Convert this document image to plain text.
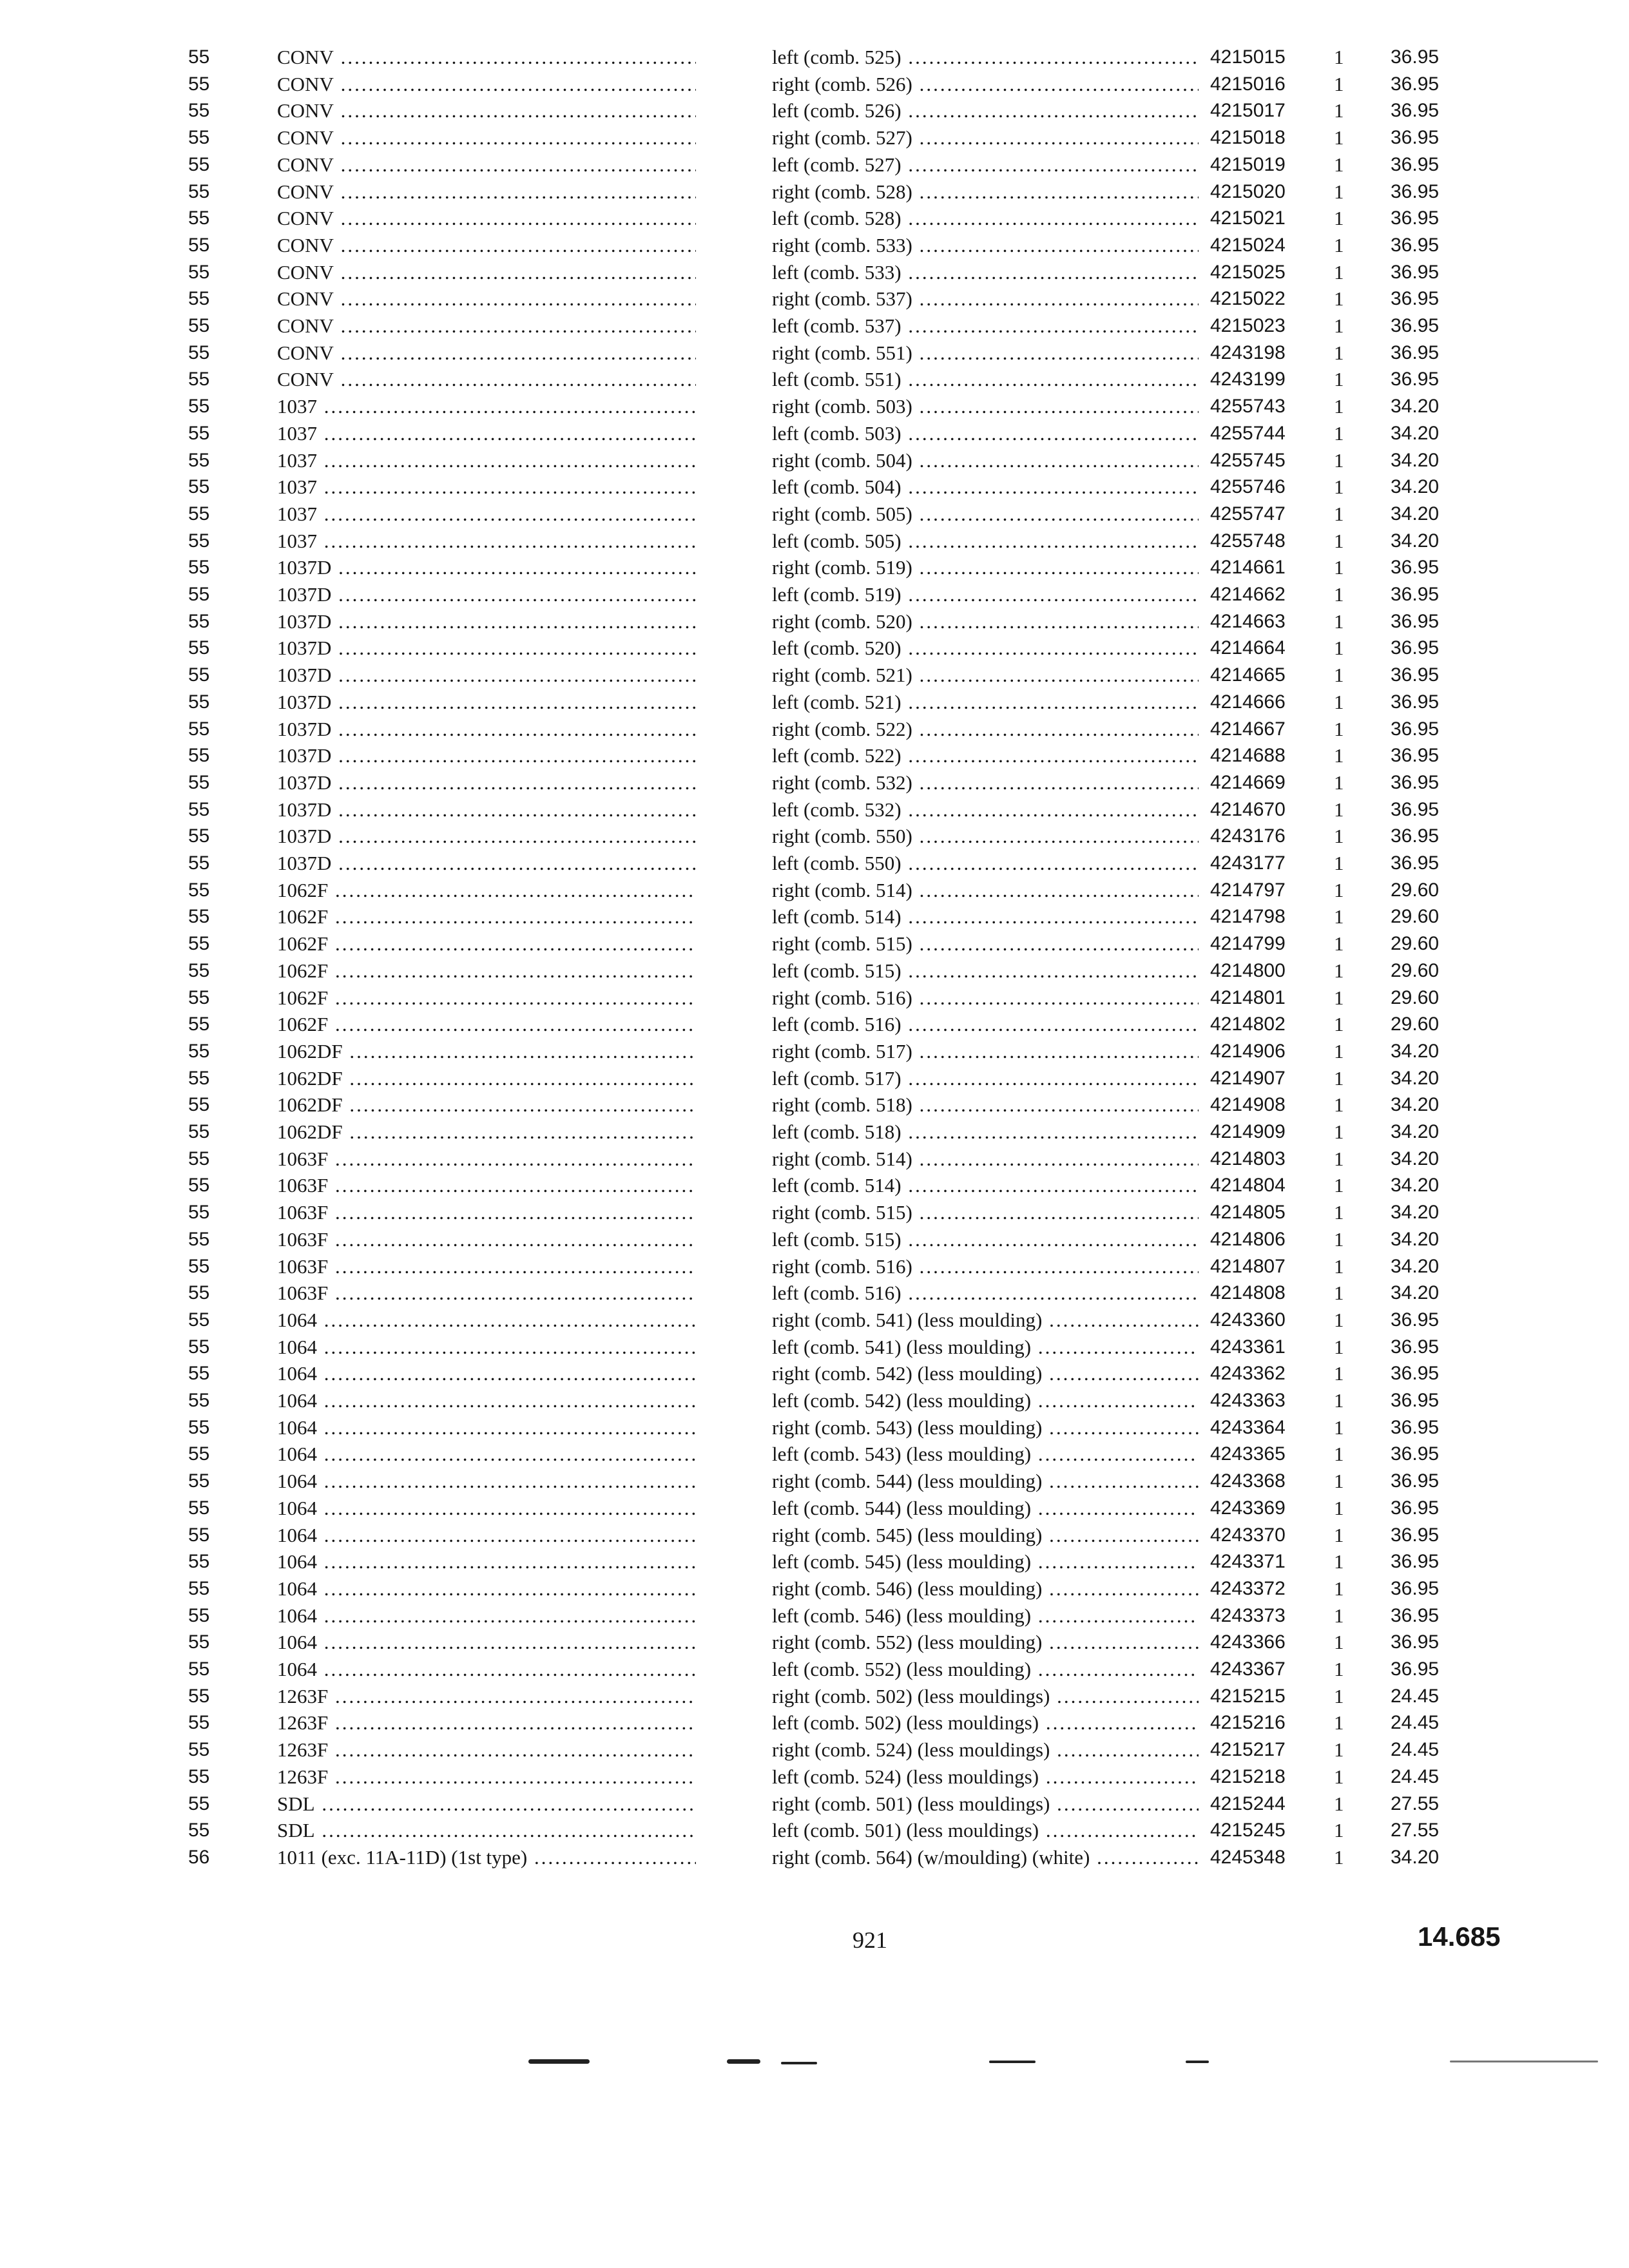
55	CONV .....	left (comb. 525) .....	4215015	1	36.95
55	CONV .....	right (comb. 526) .....	4215016	1	36.95
55	CONV .....	left (comb. 526) .....	4215017	1	36.95
55	CONV .....	right (comb. 527) .....	4215018	1	36.95
55	CONV .....	left (comb. 527) .....	4215019	1	36.95
55	CONV .....	right (comb. 528) .....	4215020	1	36.95
55	CONV .....	left (comb. 528) .....	4215021	1	36.95
55	CONV .....	right (comb. 533) .....	4215024	1	36.95
55	CONV .....	left (comb. 533) .....	4215025	1	36.95
55	CONV .....	right (comb. 537) .....	4215022	1	36.95
55	CONV .....	left (comb. 537) .....	4215023	1	36.95
55	CONV .....	right (comb. 551) .....	4243198	1	36.95
55	CONV .....	left (comb. 551) .....	4243199	1	36.95
55	1037 .....	right (comb. 503) .....	4255743	1	34.20
55	1037 .....	left (comb. 503) .....	4255744	1	34.20
55	1037 .....	right (comb. 504) .....	4255745	1	34.20
55	1037 .....	left (comb. 504) .....	4255746	1	34.20
55	1037 .....	right (comb. 505) .....	4255747	1	34.20
55	1037 .....	left (comb. 505) .....	4255748	1	34.20
55	1037D .....	right (comb. 519) .....	4214661	1	36.95
55	1037D .....	left (comb. 519) .....	4214662	1	36.95
55	1037D .....	right (comb. 520) .....	4214663	1	36.95
55	1037D .....	left (comb. 520) .....	4214664	1	36.95
55	1037D .....	right (comb. 521) .....	4214665	1	36.95
55	1037D .....	left (comb. 521) .....	4214666	1	36.95
55	1037D .....	right (comb. 522) .....	4214667	1	36.95
55	1037D .....	left (comb. 522) .....	4214688	1	36.95
55	1037D .....	right (comb. 532) .....	4214669	1	36.95
55	1037D .....	left (comb. 532) .....	4214670	1	36.95
55	1037D .....	right (comb. 550) .....	4243176	1	36.95
55	1037D .....	left (comb. 550) .....	4243177	1	36.95
55	1062F .....	right (comb. 514) .....	4214797	1	29.60
55	1062F .....	left (comb. 514) .....	4214798	1	29.60
55	1062F .....	right (comb. 515) .....	4214799	1	29.60
55	1062F .....	left (comb. 515) .....	4214800	1	29.60
55	1062F .....	right (comb. 516) .....	4214801	1	29.60
55	1062F .....	left (comb. 516) .....	4214802	1	29.60
55	1062DF .....	right (comb. 517) .....	4214906	1	34.20
55	1062DF .....	left (comb. 517) .....	4214907	1	34.20
55	1062DF .....	right (comb. 518) .....	4214908	1	34.20
55	1062DF .....	left (comb. 518) .....	4214909	1	34.20
55	1063F .....	right (comb. 514) .....	4214803	1	34.20
55	1063F .....	left (comb. 514) .....	4214804	1	34.20
55	1063F .....	right (comb. 515) .....	4214805	1	34.20
55	1063F .....	left (comb. 515) .....	4214806	1	34.20
55	1063F .....	right (comb. 516) .....	4214807	1	34.20
55	1063F .....	left (comb. 516) .....	4214808	1	34.20
55	1064 .....	right (comb. 541) (less moulding) .....	4243360	1	36.95
55	1064 .....	left (comb. 541) (less moulding) .....	4243361	1	36.95
55	1064 .....	right (comb. 542) (less moulding) .....	4243362	1	36.95
55	1064 .....	left (comb. 542) (less moulding) .....	4243363	1	36.95
55	1064 .....	right (comb. 543) (less moulding) .....	4243364	1	36.95
55	1064 .....	left (comb. 543) (less moulding) .....	4243365	1	36.95
55	1064 .....	right (comb. 544) (less moulding) .....	4243368	1	36.95
55	1064 .....	left (comb. 544) (less moulding) .....	4243369	1	36.95
55	1064 .....	right (comb. 545) (less moulding) .....	4243370	1	36.95
55	1064 .....	left (comb. 545) (less moulding) .....	4243371	1	36.95
55	1064 .....	right (comb. 546) (less moulding) .....	4243372	1	36.95
55	1064 .....	left (comb. 546) (less moulding) .....	4243373	1	36.95
55	1064 .....	right (comb. 552) (less moulding) .....	4243366	1	36.95
55	1064 .....	left (comb. 552) (less moulding) .....	4243367	1	36.95
55	1263F .....	right (comb. 502) (less mouldings) .....	4215215	1	24.45
55	1263F .....	left (comb. 502) (less mouldings) .....	4215216	1	24.45
55	1263F .....	right (comb. 524) (less mouldings) .....	4215217	1	24.45
55	1263F .....	left (comb. 524) (less mouldings) .....	4215218	1	24.45
55	SDL .....	right (comb. 501) (less mouldings) .....	4215244	1	27.55
55	SDL .....	left (comb. 501) (less mouldings) .....	4215245	1	27.55
56	1011 (exc. 11A-11D) (1st type) .....	right (comb. 564) (w/moulding) (white) .....	4245348	1	34.20
921	14.685
